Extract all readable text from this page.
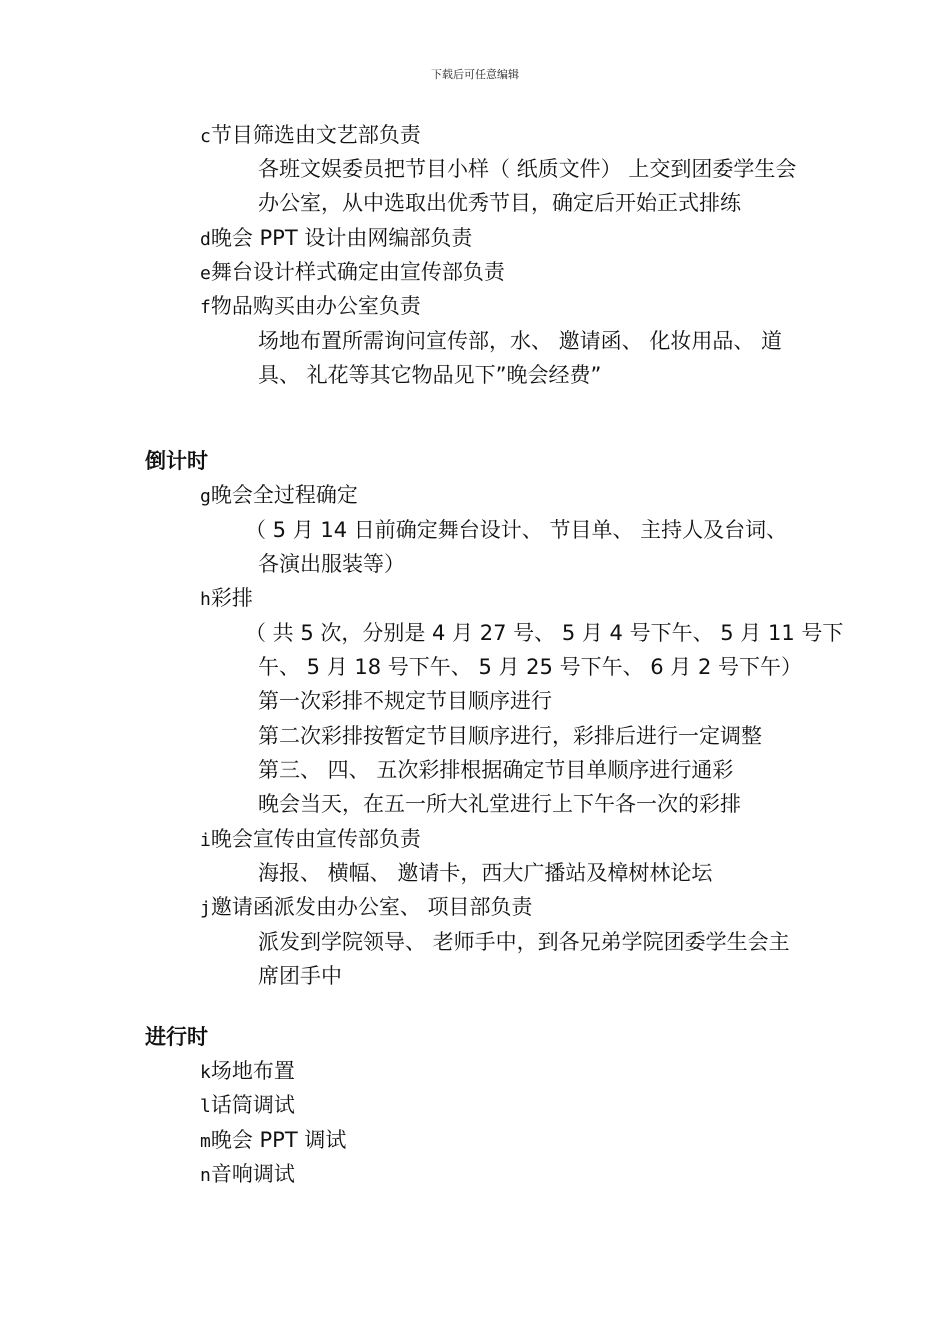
下载后可任意编辑
c节目筛选由文艺部负责
各班文娱委员把节目小样（ 纸质文件） 上交到团委学生会
办公室，从中选取出优秀节目，确定后开始正式排练
d晚会 PPT 设计由网编部负责
e舞台设计样式确定由宣传部负责
f物品购买由办公室负责
场地布置所需询问宣传部，水、 邀请函、 化妆用品、 道
具、 礼花等其它物品见下”晚会经费”
倒计时
g晚会全过程确定
（ 5 月 14 日前确定舞台设计、 节目单、 主持人及台词、
各演出服装等）
h彩排
（ 共 5 次，分别是 4 月 27 号、 5 月 4 号下午、 5 月 11 号下
午、 5 月 18 号下午、 5 月 25 号下午、 6 月 2 号下午）
第一次彩排不规定节目顺序进行
第二次彩排按暂定节目顺序进行，彩排后进行一定调整
第三、 四、 五次彩排根据确定节目单顺序进行通彩
晚会当天，在五一所大礼堂进行上下午各一次的彩排
i晚会宣传由宣传部负责
海报、 横幅、 邀请卡，西大广播站及樟树林论坛
j邀请函派发由办公室、 项目部负责
派发到学院领导、 老师手中，到各兄弟学院团委学生会主
席团手中
进行时
k场地布置
l话筒调试
m晚会 PPT 调试
n音响调试
